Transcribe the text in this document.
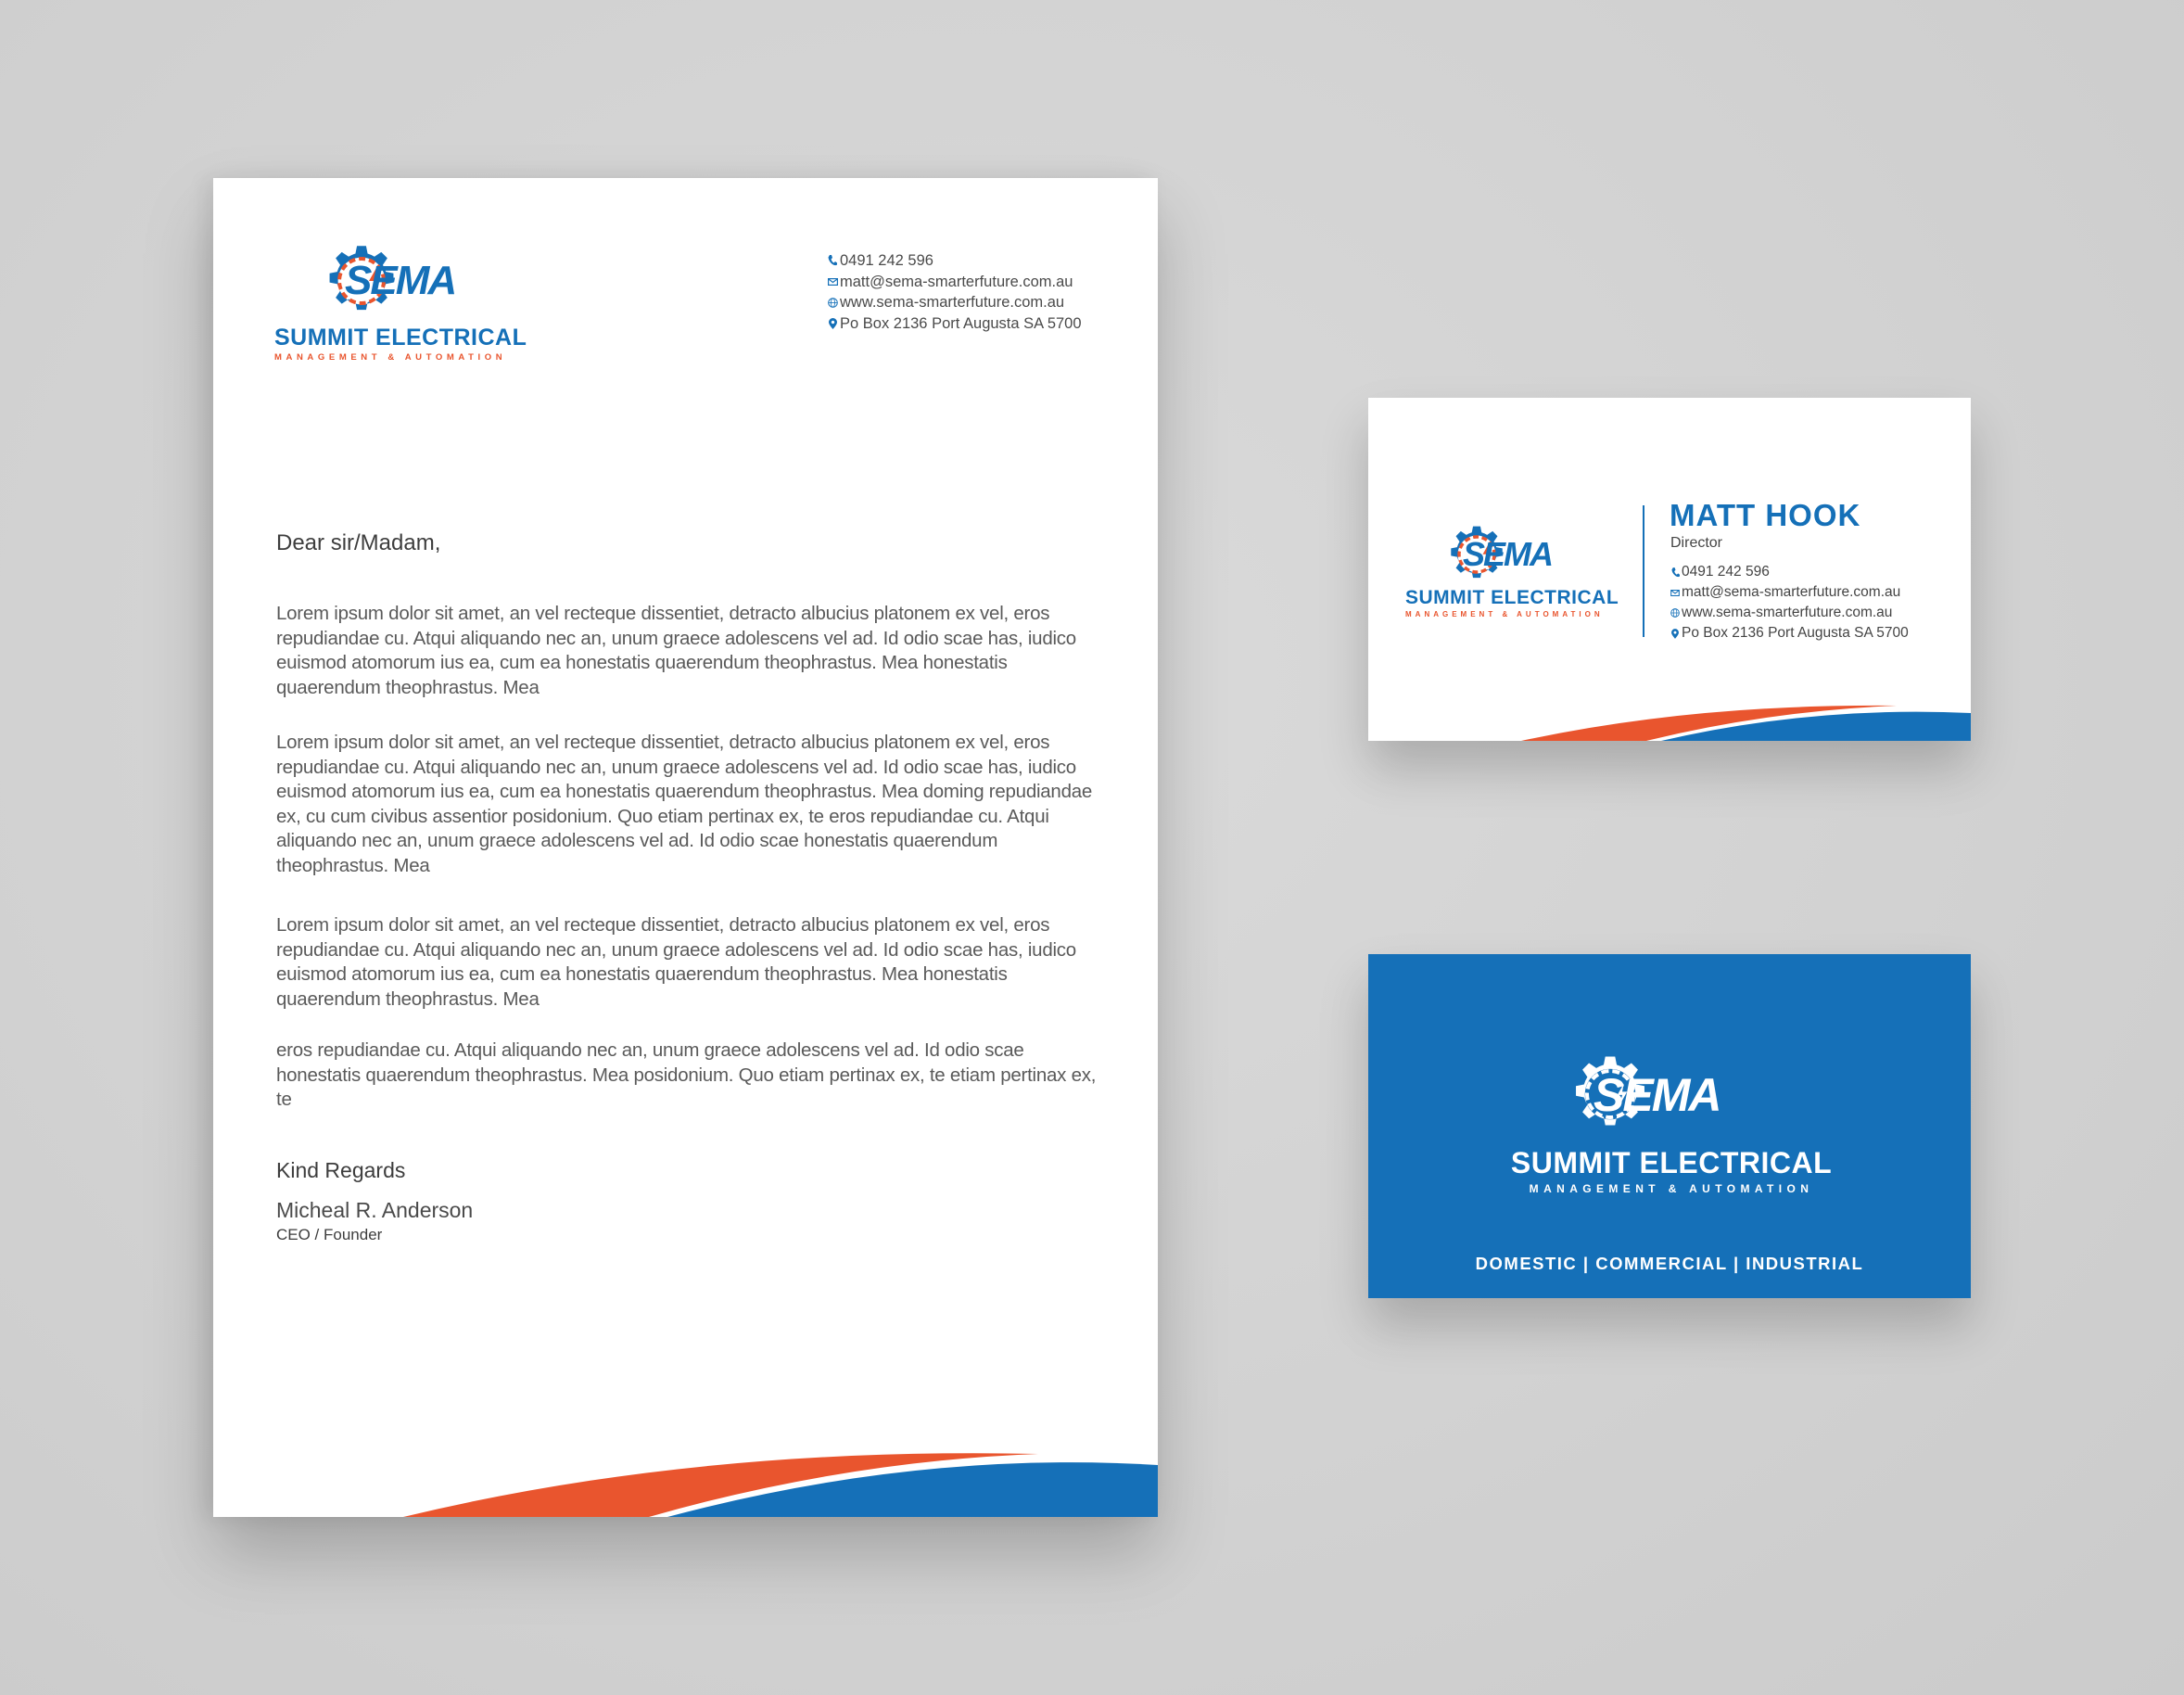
SEMA
SUMMIT ELECTRICAL
MANAGEMENT & AUTOMATION
0491 242 596
matt@sema-smarterfuture.com.au
www.sema-smarterfuture.com.au
Po Box 2136 Port Augusta SA 5700
Dear sir/Madam,
Lorem ipsum dolor sit amet, an vel recteque dissentiet, detracto albucius platonem ex vel, eros repudiandae cu. Atqui aliquando nec an, unum graece adolescens vel ad. Id odio scae has, iudico euismod atomorum ius ea, cum ea honestatis quaerendum theophrastus. Mea honestatis quaerendum theophrastus. Mea
Lorem ipsum dolor sit amet, an vel recteque dissentiet, detracto albucius platonem ex vel, eros repudiandae cu. Atqui aliquando nec an, unum graece adolescens vel ad. Id odio scae has, iudico euismod atomorum ius ea, cum ea honestatis quaerendum theophrastus. Mea doming repudiandae ex, cu cum civibus assentior posidonium. Quo etiam pertinax ex, te eros repudiandae cu. Atqui aliquando nec an, unum graece adolescens vel ad. Id odio scae honestatis quaerendum theophrastus. Mea
Lorem ipsum dolor sit amet, an vel recteque dissentiet, detracto albucius platonem ex vel, eros repudiandae cu. Atqui aliquando nec an, unum graece adolescens vel ad. Id odio scae has, iudico euismod atomorum ius ea, cum ea honestatis quaerendum theophrastus. Mea honestatis quaerendum theophrastus. Mea
eros repudiandae cu. Atqui aliquando nec an, unum graece adolescens vel ad. Id odio scae honestatis quaerendum theophrastus. Mea posidonium. Quo etiam pertinax ex, te etiam pertinax ex, te
Kind Regards
Micheal R. Anderson
CEO / Founder
SEMA
SUMMIT ELECTRICAL
MANAGEMENT & AUTOMATION
MATT HOOK
Director
0491 242 596
matt@sema-smarterfuture.com.au
www.sema-smarterfuture.com.au
Po Box 2136 Port Augusta SA 5700
SEMA
SUMMIT ELECTRICAL
MANAGEMENT & AUTOMATION
DOMESTIC | COMMERCIAL | INDUSTRIAL
